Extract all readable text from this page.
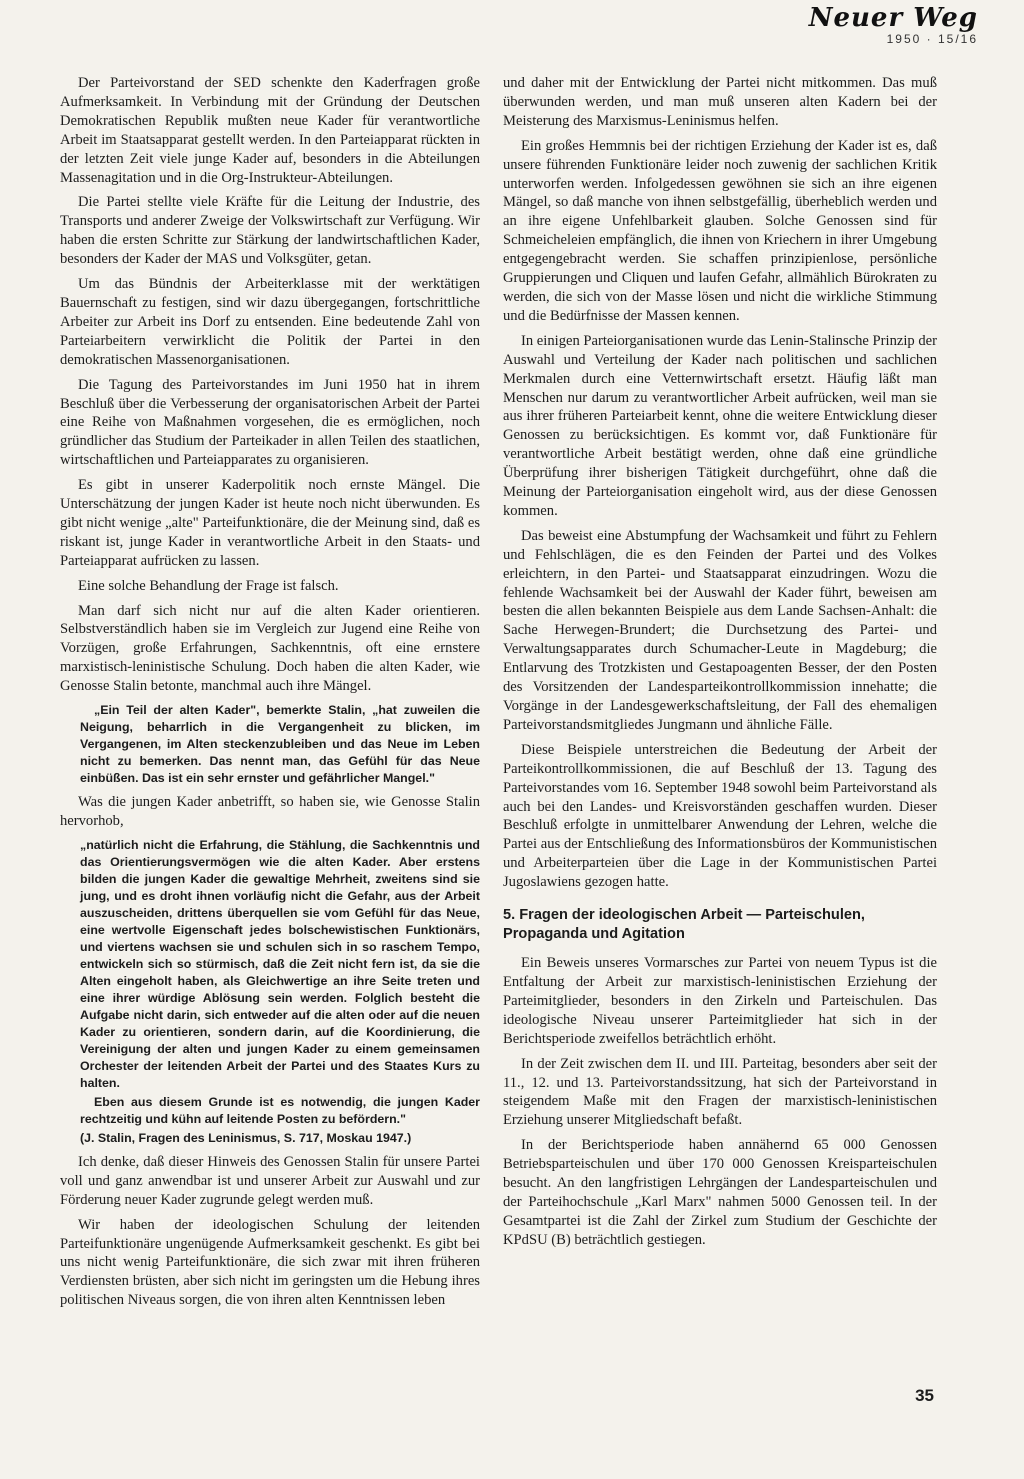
Neuer Weg
1950 · 15/16

Der Parteivorstand der SED schenkte den Kaderfragen große Aufmerksamkeit. In Verbindung mit der Gründung der Deutschen Demokratischen Republik mußten neue Kader für verantwortliche Arbeit im Staatsapparat gestellt werden. In den Parteiapparat rückten in der letzten Zeit viele junge Kader auf, besonders in die Abteilungen Massenagitation und in die Org-Instrukteur-Abteilungen.

Die Partei stellte viele Kräfte für die Leitung der Industrie, des Transports und anderer Zweige der Volkswirtschaft zur Verfügung. Wir haben die ersten Schritte zur Stärkung der landwirtschaftlichen Kader, besonders der Kader der MAS und Volksgüter, getan.

Um das Bündnis der Arbeiterklasse mit der werktätigen Bauernschaft zu festigen, sind wir dazu übergegangen, fortschrittliche Arbeiter zur Arbeit ins Dorf zu entsenden. Eine bedeutende Zahl von Parteiarbeitern verwirklicht die Politik der Partei in den demokratischen Massenorganisationen.

Die Tagung des Parteivorstandes im Juni 1950 hat in ihrem Beschluß über die Verbesserung der organisatorischen Arbeit der Partei eine Reihe von Maßnahmen vorgesehen, die es ermöglichen, noch gründlicher das Studium der Parteikader in allen Teilen des staatlichen, wirtschaftlichen und Parteiapparates zu organisieren.

Es gibt in unserer Kaderpolitik noch ernste Mängel. Die Unterschätzung der jungen Kader ist heute noch nicht überwunden. Es gibt nicht wenige „alte" Parteifunktionäre, die der Meinung sind, daß es riskant ist, junge Kader in verantwortliche Arbeit in den Staats- und Parteiapparat aufrücken zu lassen.

Eine solche Behandlung der Frage ist falsch.

Man darf sich nicht nur auf die alten Kader orientieren. Selbstverständlich haben sie im Vergleich zur Jugend eine Reihe von Vorzügen, große Erfahrungen, Sachkenntnis, oft eine ernstere marxistisch-leninistische Schulung. Doch haben die alten Kader, wie Genosse Stalin betonte, manchmal auch ihre Mängel.

„Ein Teil der alten Kader", bemerkte Stalin, „hat zuweilen die Neigung, beharrlich in die Vergangenheit zu blicken, im Vergangenen, im Alten steckenzubleiben und das Neue im Leben nicht zu bemerken. Das nennt man, das Gefühl für das Neue einbüßen. Das ist ein sehr ernster und gefährlicher Mangel."

Was die jungen Kader anbetrifft, so haben sie, wie Genosse Stalin hervorhob,

„natürlich nicht die Erfahrung, die Stählung, die Sachkenntnis und das Orientierungsvermögen wie die alten Kader. Aber erstens bilden die jungen Kader die gewaltige Mehrheit, zweitens sind sie jung, und es droht ihnen vorläufig nicht die Gefahr, aus der Arbeit auszuscheiden, drittens überquellen sie vom Gefühl für das Neue, eine wertvolle Eigenschaft jedes bolschewistischen Funktionärs, und viertens wachsen sie und schulen sich in so raschem Tempo, entwickeln sich so stürmisch, daß die Zeit nicht fern ist, da sie die Alten eingeholt haben, als Gleichwertige an ihre Seite treten und eine ihrer würdige Ablösung sein werden. Folglich besteht die Aufgabe nicht darin, sich entweder auf die alten oder auf die neuen Kader zu orientieren, sondern darin, auf die Koordinierung, die Vereinigung der alten und jungen Kader zu einem gemeinsamen Orchester der leitenden Arbeit der Partei und des Staates Kurs zu halten.

Eben aus diesem Grunde ist es notwendig, die jungen Kader rechtzeitig und kühn auf leitende Posten zu befördern."

(J. Stalin, Fragen des Leninismus, S. 717, Moskau 1947.)

Ich denke, daß dieser Hinweis des Genossen Stalin für unsere Partei voll und ganz anwendbar ist und unserer Arbeit zur Auswahl und zur Förderung neuer Kader zugrunde gelegt werden muß.

Wir haben der ideologischen Schulung der leitenden Parteifunktionäre ungenügende Aufmerksamkeit geschenkt. Es gibt bei uns nicht wenig Parteifunktionäre, die sich zwar mit ihren früheren Verdiensten brüsten, aber sich nicht im geringsten um die Hebung ihres politischen Niveaus sorgen, die von ihren alten Kenntnissen leben

und daher mit der Entwicklung der Partei nicht mitkommen. Das muß überwunden werden, und man muß unseren alten Kadern bei der Meisterung des Marxismus-Leninismus helfen.

Ein großes Hemmnis bei der richtigen Erziehung der Kader ist es, daß unsere führenden Funktionäre leider noch zuwenig der sachlichen Kritik unterworfen werden. Infolgedessen gewöhnen sie sich an ihre eigenen Mängel, so daß manche von ihnen selbstgefällig, überheblich werden und an ihre eigene Unfehlbarkeit glauben. Solche Genossen sind für Schmeicheleien empfänglich, die ihnen von Kriechern in ihrer Umgebung entgegengebracht werden. Sie schaffen prinzipienlose, persönliche Gruppierungen und Cliquen und laufen Gefahr, allmählich Bürokraten zu werden, die sich von der Masse lösen und nicht die wirkliche Stimmung und die Bedürfnisse der Massen kennen.

In einigen Parteiorganisationen wurde das Lenin-Stalinsche Prinzip der Auswahl und Verteilung der Kader nach politischen und sachlichen Merkmalen durch eine Vetternwirtschaft ersetzt. Häufig läßt man Menschen nur darum zu verantwortlicher Arbeit aufrücken, weil man sie aus ihrer früheren Parteiarbeit kennt, ohne die weitere Entwicklung dieser Genossen zu berücksichtigen. Es kommt vor, daß Funktionäre für verantwortliche Arbeit bestätigt werden, ohne daß eine gründliche Überprüfung ihrer bisherigen Tätigkeit durchgeführt, ohne daß die Meinung der Parteiorganisation eingeholt wird, aus der diese Genossen kommen.

Das beweist eine Abstumpfung der Wachsamkeit und führt zu Fehlern und Fehlschlägen, die es den Feinden der Partei und des Volkes erleichtern, in den Partei- und Staatsapparat einzudringen. Wozu die fehlende Wachsamkeit bei der Auswahl der Kader führt, beweisen am besten die allen bekannten Beispiele aus dem Lande Sachsen-Anhalt: die Sache Herwegen-Brundert; die Durchsetzung des Partei- und Verwaltungsapparates durch Schumacher-Leute in Magdeburg; die Entlarvung des Trotzkisten und Gestapoagenten Besser, der den Posten des Vorsitzenden der Landesparteikontrollkommission innehatte; die Vorgänge in der Landesgewerkschaftsleitung, der Fall des ehemaligen Parteivorstandsmitgliedes Jungmann und ähnliche Fälle.

Diese Beispiele unterstreichen die Bedeutung der Arbeit der Parteikontrollkommissionen, die auf Beschluß der 13. Tagung des Parteivorstandes vom 16. September 1948 sowohl beim Parteivorstand als auch bei den Landes- und Kreisvorständen geschaffen wurden. Dieser Beschluß erfolgte in unmittelbarer Anwendung der Lehren, welche die Partei aus der Entschließung des Informationsbüros der Kommunistischen und Arbeiterparteien über die Lage in der Kommunistischen Partei Jugoslawiens gezogen hatte.

5. Fragen der ideologischen Arbeit — Parteischulen, Propaganda und Agitation

Ein Beweis unseres Vormarsches zur Partei von neuem Typus ist die Entfaltung der Arbeit zur marxistisch-leninistischen Erziehung der Parteimitglieder, besonders in den Zirkeln und Parteischulen. Das ideologische Niveau unserer Parteimitglieder hat sich in der Berichtsperiode zweifellos beträchtlich erhöht.

In der Zeit zwischen dem II. und III. Parteitag, besonders aber seit der 11., 12. und 13. Parteivorstandssitzung, hat sich der Parteivorstand in steigendem Maße mit den Fragen der marxistisch-leninistischen Erziehung unserer Mitgliedschaft befaßt.

In der Berichtsperiode haben annähernd 65 000 Genossen Betriebsparteischulen und über 170 000 Genossen Kreisparteischulen besucht. An den langfristigen Lehrgängen der Landesparteischulen und der Parteihochschule „Karl Marx" nahmen 5000 Genossen teil. In der Gesamtpartei ist die Zahl der Zirkel zum Studium der Geschichte der KPdSU (B) beträchtlich gestiegen.

35
